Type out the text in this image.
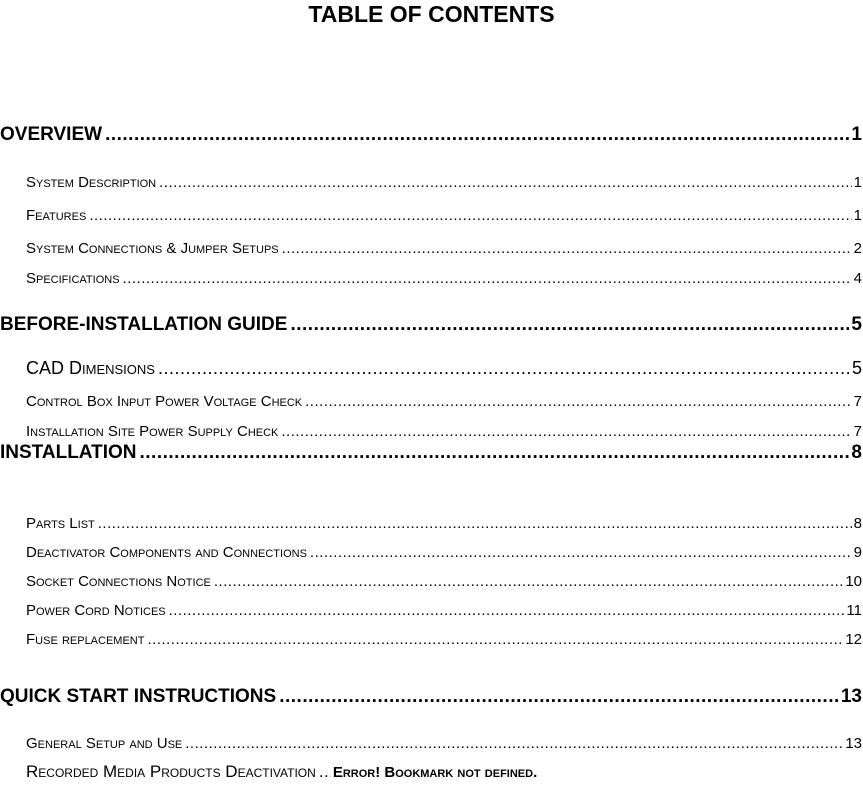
TABLE OF CONTENTS
OVERVIEW .....	1
System Description .....	1
Features .....	1
System Connections & Jumper Setups .....	2
Specifications .....	4
BEFORE-INSTALLATION GUIDE .....	5
CAD Dimensions .....	5
Control Box Input Power Voltage Check .....	7
Installation Site Power Supply Check .....	7
INSTALLATION .....	8
Parts List .....	8
Deactivator Components and Connections .....	9
Socket Connections Notice .....	10
Power Cord Notices .....	11
Fuse replacement .....	12
QUICK START INSTRUCTIONS .....	13
General Setup and Use .....	13
Recorded Media Products Deactivation ..... Error! Bookmark not defined.
